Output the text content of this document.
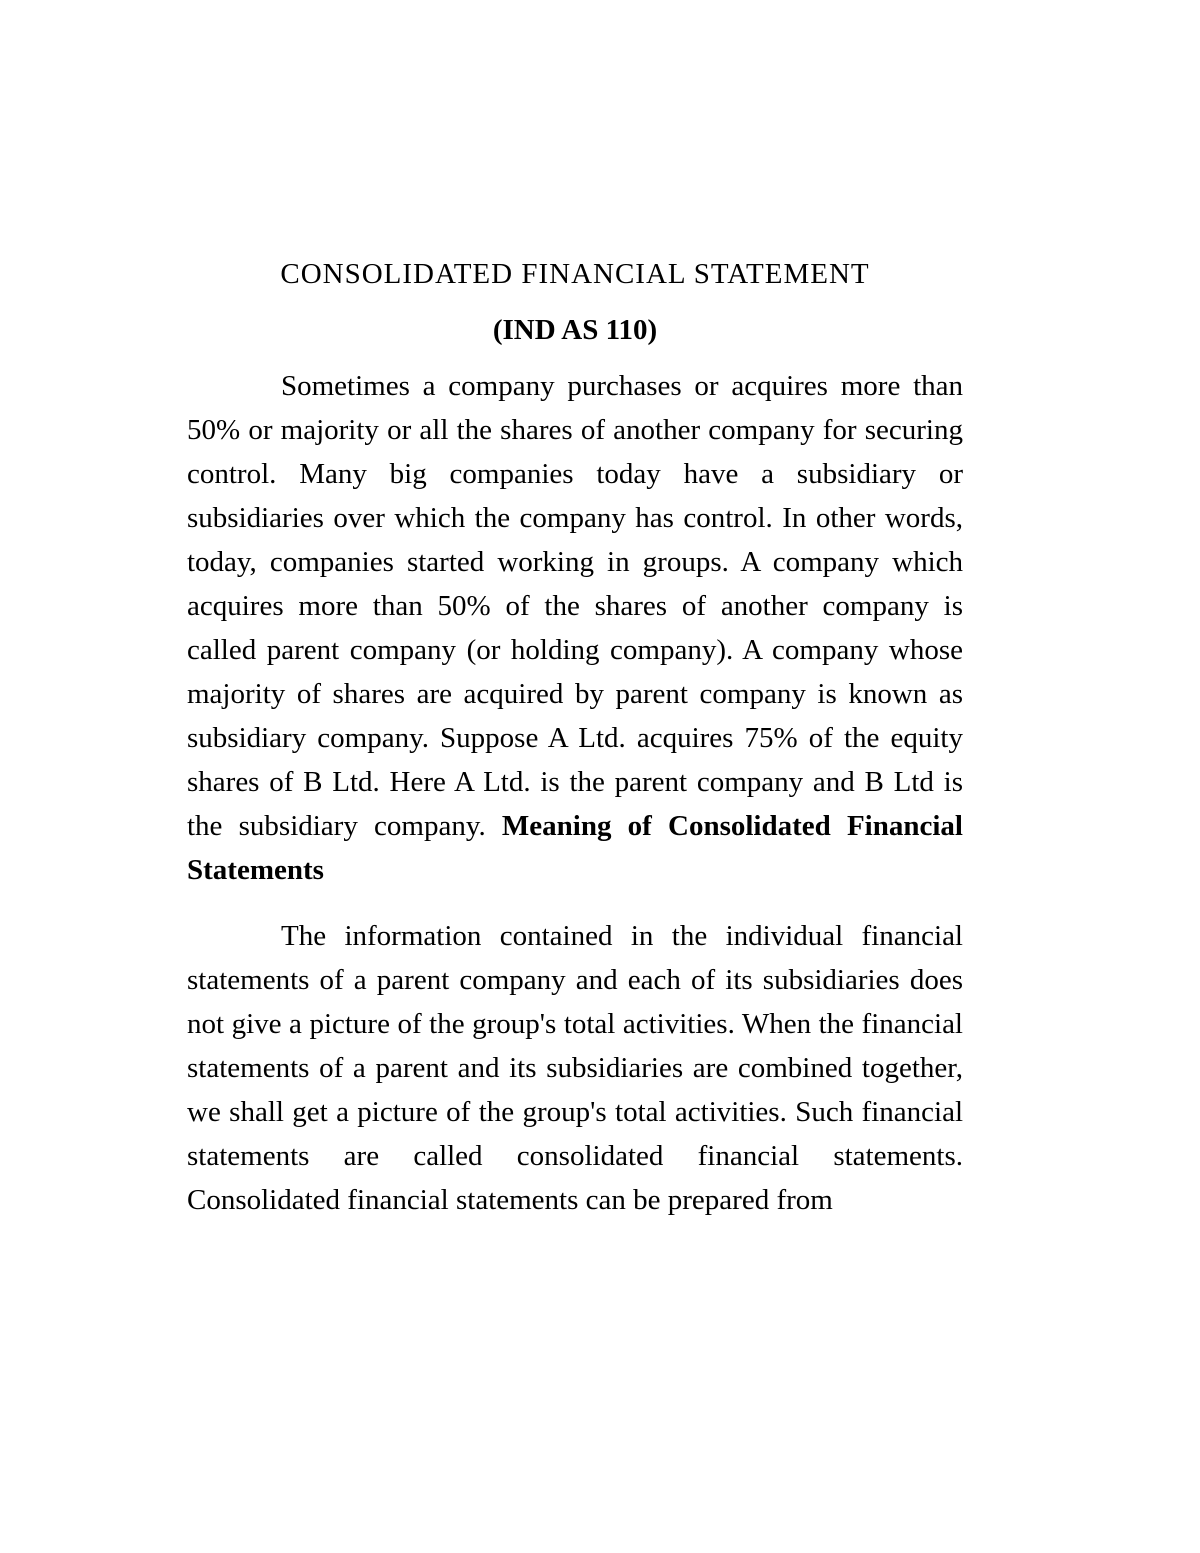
CONSOLIDATED FINANCIAL STATEMENT
(IND AS 110)

Sometimes a company purchases or acquires more than 50% or majority or all the shares of another company for securing control. Many big companies today have a subsidiary or subsidiaries over which the company has control. In other words, today, companies started working in groups. A company which acquires more than 50% of the shares of another company is called parent company (or holding company). A company whose majority of shares are acquired by parent company is known as subsidiary company. Suppose A Ltd. acquires 75% of the equity shares of B Ltd. Here A Ltd. is the parent company and B Ltd is the subsidiary company. Meaning of Consolidated Financial Statements

The information contained in the individual financial statements of a parent company and each of its subsidiaries does not give a picture of the group's total activities. When the financial statements of a parent and its subsidiaries are combined together, we shall get a picture of the group's total activities. Such financial statements are called consolidated financial statements. Consolidated financial statements can be prepared from
